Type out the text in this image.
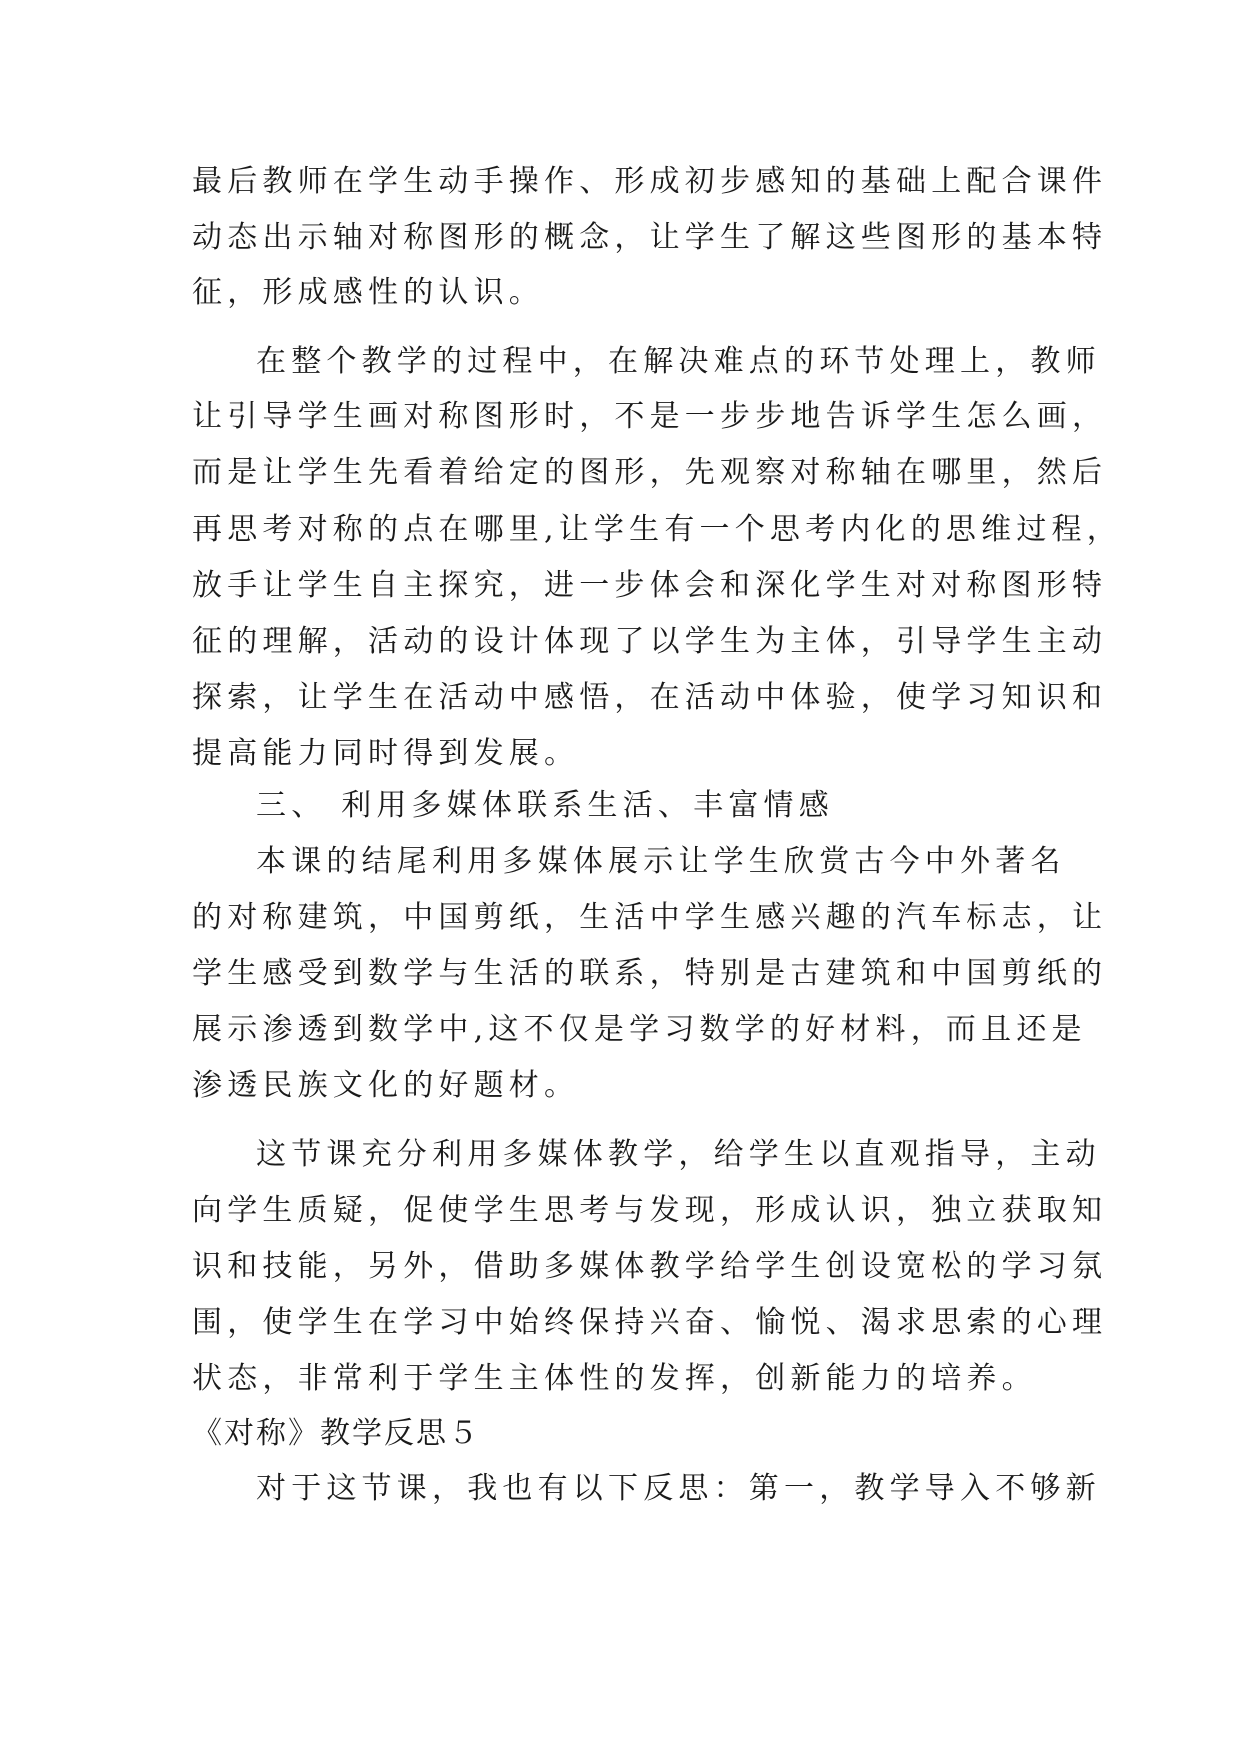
最后教师在学生动手操作、形成初步感知的基础上配合课件
动态出示轴对称图形的概念，让学生了解这些图形的基本特
征，形成感性的认识。
在整个教学的过程中，在解决难点的环节处理上，教师
让引导学生画对称图形时，不是一步步地告诉学生怎么画，
而是让学生先看着给定的图形，先观察对称轴在哪里，然后
再思考对称的点在哪里,让学生有一个思考内化的思维过程，
放手让学生自主探究，进一步体会和深化学生对对称图形特
征的理解，活动的设计体现了以学生为主体，引导学生主动
探索，让学生在活动中感悟，在活动中体验，使学习知识和
提高能力同时得到发展。
三、 利用多媒体联系生活、丰富情感
本课的结尾利用多媒体展示让学生欣赏古今中外著名
的对称建筑，中国剪纸，生活中学生感兴趣的汽车标志，让
学生感受到数学与生活的联系，特别是古建筑和中国剪纸的
展示渗透到数学中,这不仅是学习数学的好材料，而且还是
渗透民族文化的好题材。
这节课充分利用多媒体教学，给学生以直观指导，主动
向学生质疑，促使学生思考与发现，形成认识，独立获取知
识和技能，另外，借助多媒体教学给学生创设宽松的学习氛
围，使学生在学习中始终保持兴奋、愉悦、渴求思索的心理
状态，非常利于学生主体性的发挥，创新能力的培养。
《对称》教学反思５
对于这节课，我也有以下反思：第一，教学导入不够新
